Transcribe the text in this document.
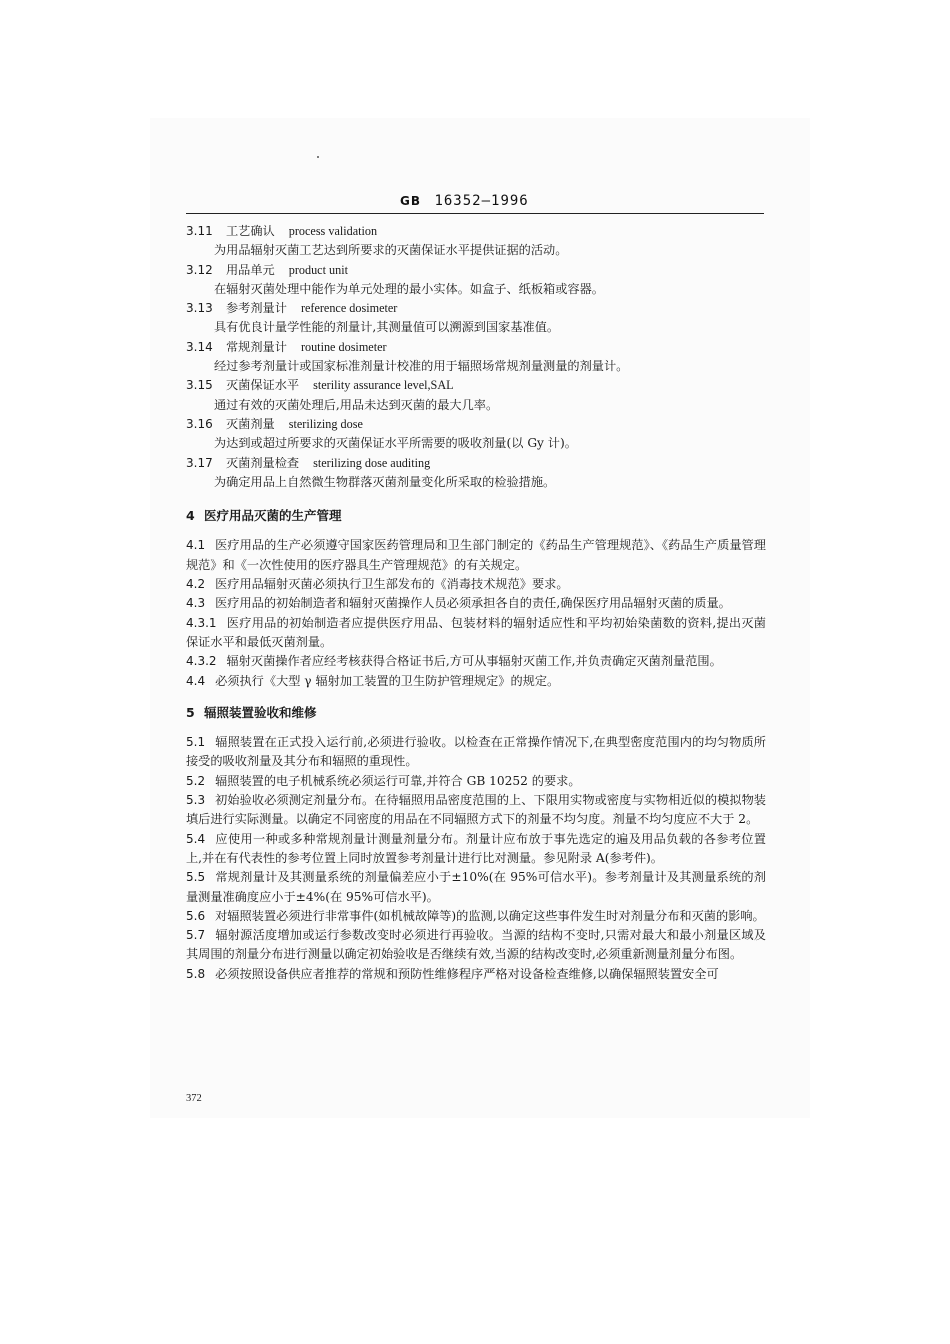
GB 16352—1996
3.11 工艺确认 process validation
为用品辐射灭菌工艺达到所要求的灭菌保证水平提供证据的活动。
3.12 用品单元 product unit
在辐射灭菌处理中能作为单元处理的最小实体。如盒子、纸板箱或容器。
3.13 参考剂量计 reference dosimeter
具有优良计量学性能的剂量计,其测量值可以溯源到国家基准值。
3.14 常规剂量计 routine dosimeter
经过参考剂量计或国家标准剂量计校准的用于辐照场常规剂量测量的剂量计。
3.15 灭菌保证水平 sterility assurance level,SAL
通过有效的灭菌处理后,用品未达到灭菌的最大几率。
3.16 灭菌剂量 sterilizing dose
为达到或超过所要求的灭菌保证水平所需要的吸收剂量(以 Gy 计)。
3.17 灭菌剂量检查 sterilizing dose auditing
为确定用品上自然微生物群落灭菌剂量变化所采取的检验措施。
4 医疗用品灭菌的生产管理

4.1 医疗用品的生产必须遵守国家医药管理局和卫生部门制定的《药品生产管理规范》、《药品生产质量管理规范》和《一次性使用的医疗器具生产管理规范》的有关规定。

4.2 医疗用品辐射灭菌必须执行卫生部发布的《消毒技术规范》要求。

4.3 医疗用品的初始制造者和辐射灭菌操作人员必须承担各自的责任,确保医疗用品辐射灭菌的质量。

4.3.1 医疗用品的初始制造者应提供医疗用品、包装材料的辐射适应性和平均初始染菌数的资料,提出灭菌保证水平和最低灭菌剂量。

4.3.2 辐射灭菌操作者应经考核获得合格证书后,方可从事辐射灭菌工作,并负责确定灭菌剂量范围。

4.4 必须执行《大型 γ 辐射加工装置的卫生防护管理规定》的规定。

5 辐照装置验收和维修

5.1 辐照装置在正式投入运行前,必须进行验收。以检查在正常操作情况下,在典型密度范围内的均匀物质所接受的吸收剂量及其分布和辐照的重现性。

5.2 辐照装置的电子机械系统必须运行可靠,并符合 GB 10252 的要求。

5.3 初始验收必须测定剂量分布。在待辐照用品密度范围的上、下限用实物或密度与实物相近似的模拟物装填后进行实际测量。以确定不同密度的用品在不同辐照方式下的剂量不均匀度。剂量不均匀度应不大于 2。

5.4 应使用一种或多种常规剂量计测量剂量分布。剂量计应布放于事先选定的遍及用品负载的各参考位置上,并在有代表性的参考位置上同时放置参考剂量计进行比对测量。参见附录 A(参考件)。

5.5 常规剂量计及其测量系统的剂量偏差应小于±10%(在 95%可信水平)。参考剂量计及其测量系统的剂量测量准确度应小于±4%(在 95%可信水平)。

5.6 对辐照装置必须进行非常事件(如机械故障等)的监测,以确定这些事件发生时对剂量分布和灭菌的影响。

5.7 辐射源活度增加或运行参数改变时必须进行再验收。当源的结构不变时,只需对最大和最小剂量区域及其周围的剂量分布进行测量以确定初始验收是否继续有效,当源的结构改变时,必须重新测量剂量分布图。

5.8 必须按照设备供应者推荐的常规和预防性维修程序严格对设备检查维修,以确保辐照装置安全可

372
